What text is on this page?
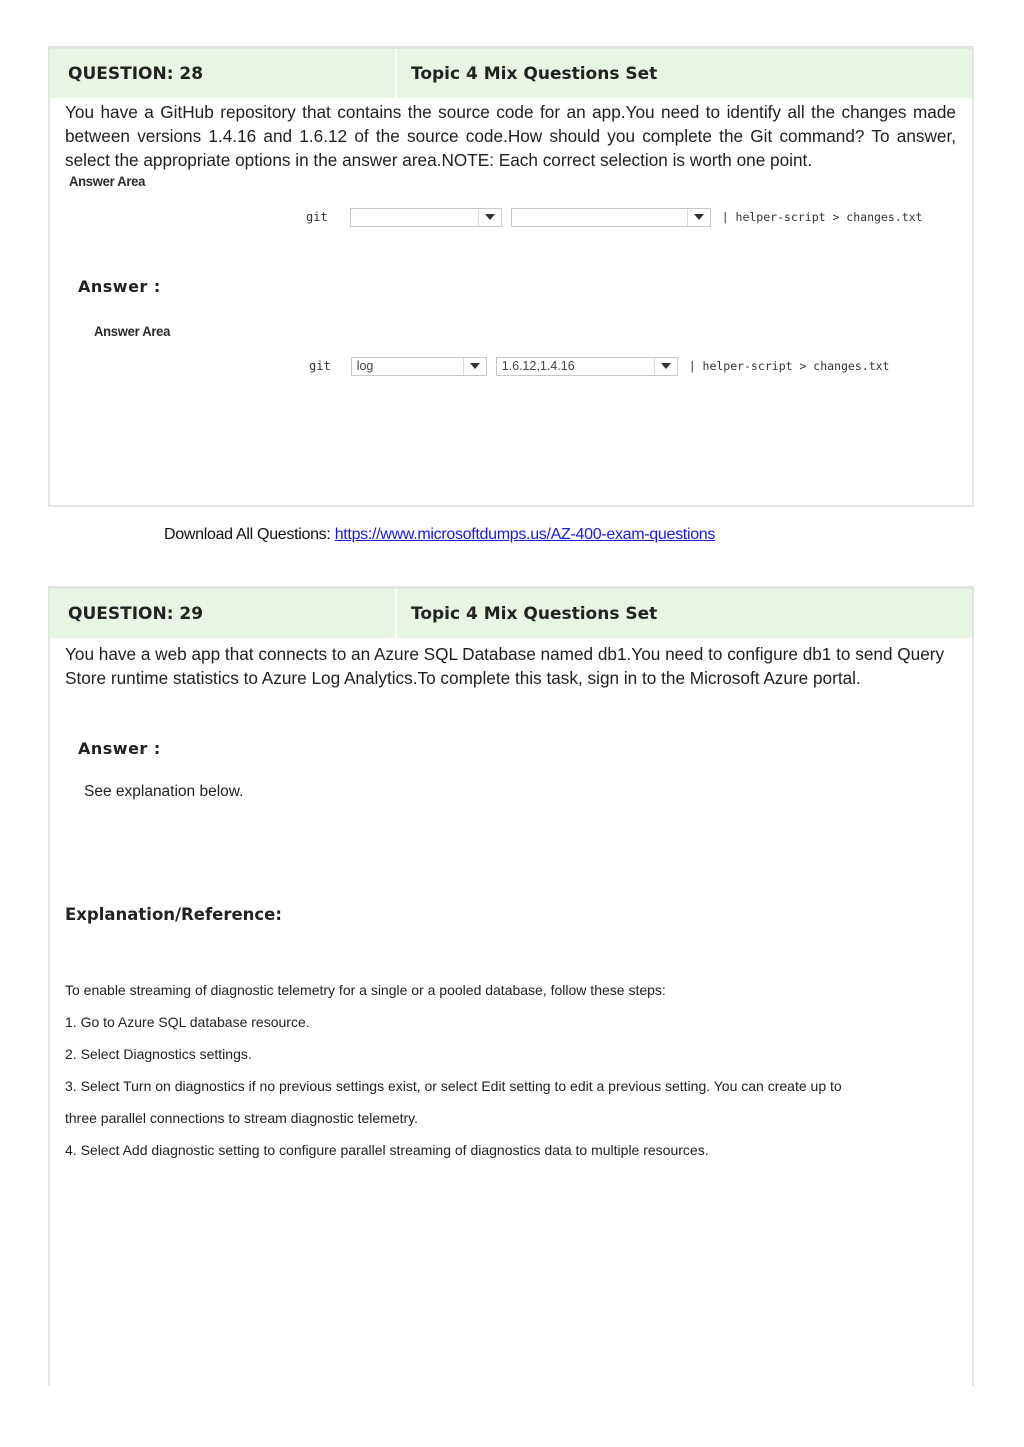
QUESTION: 28	Topic 4 Mix Questions Set

You have a GitHub repository that contains the source code for an app.You need to identify all the changes made between versions 1.4.16 and 1.6.12 of the source code.How should you complete the Git command? To answer, select the appropriate options in the answer area.NOTE: Each correct selection is worth one point.

Answer Area
git	| helper-script > changes.txt
Answer :
Answer Area
git log	1.6.12,1.4.16	| helper-script > changes.txt
Download All Questions: https://www.microsoftdumps.us/AZ-400-exam-questions
QUESTION: 29	Topic 4 Mix Questions Set

You have a web app that connects to an Azure SQL Database named db1.You need to configure db1 to send Query Store runtime statistics to Azure Log Analytics.To complete this task, sign in to the Microsoft Azure portal.

Answer :
See explanation below.
Explanation/Reference:

To enable streaming of diagnostic telemetry for a single or a pooled database, follow these steps:

1. Go to Azure SQL database resource.

2. Select Diagnostics settings.

3. Select Turn on diagnostics if no previous settings exist, or select Edit setting to edit a previous setting. You can create up to

three parallel connections to stream diagnostic telemetry.

4. Select Add diagnostic setting to configure parallel streaming of diagnostics data to multiple resources.
